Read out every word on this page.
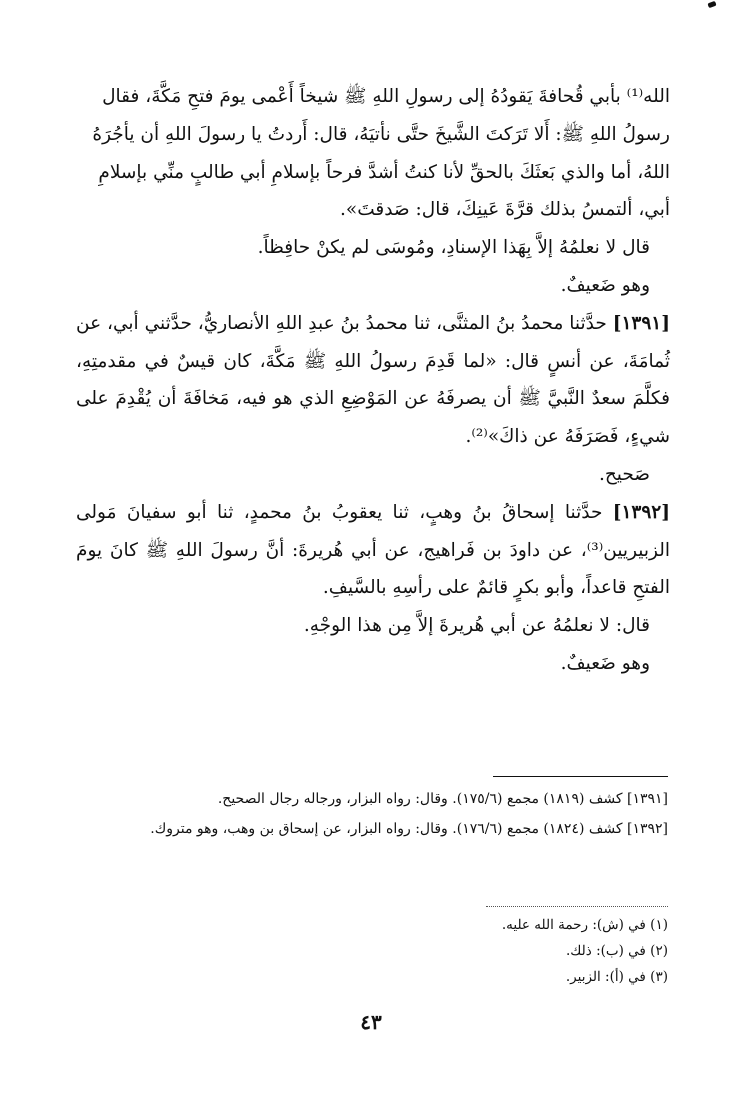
الله⁽¹⁾ بأبي قُحافةَ يَقودُهُ إلى رسولِ اللهِ ﷺ شيخاً أَعْمى يومَ فتحِ مَكَّةَ، فقال

رسولُ اللهِ ﷺ: أَلا تَرَكتَ الشَّيخَ حتَّى نأتيَهُ، قال: أَردتُ يا رسولَ اللهِ أن يأجُرَهُ

اللهُ، أما والذي بَعثَكَ بالحقِّ لأنا كنتُ أشدَّ فرحاً بإسلامِ أبي طالبٍ منِّي بإسلامِ

أبي، ألتمسُ بذلك قرَّةَ عَينِكَ، قال: صَدقتَ».

قال لا نعلمُهُ إلاَّ بِهَذا الإسنادِ، ومُوسَى لم يكنْ حافِظاً.

وهو ضَعيفٌ.

[١٣٩١] حدَّثنا محمدُ بنُ المثنَّى، ثنا محمدُ بنُ عبدِ اللهِ الأنصاريُّ، حدَّثني أبي، عن ثُمامَةَ، عن أنسٍ قال: «لما قَدِمَ رسولُ اللهِ ﷺ مَكَّةَ، كان قيسٌ في مقدمتِهِ، فكلَّمَ سعدٌ النَّبيَّ ﷺ أن يصرفَهُ عن المَوْضِعِ الذي هو فيه، مَخافَةَ أن يُقْدِمَ على شيءٍ، فَصَرَفَهُ عن ذاكَ»⁽²⁾.

صَحيح.

[١٣٩٢] حدَّثنا إسحاقُ بنُ وهبٍ، ثنا يعقوبُ بنُ محمدٍ، ثنا أبو سفيانَ مَولى الزبيريين⁽³⁾، عن داودَ بن فَراهيج، عن أبي هُريرةَ: أنَّ رسولَ اللهِ ﷺ كانَ يومَ الفتحِ قاعداً، وأبو بكرٍ قائمٌ على رأسِهِ بالسَّيفِ.

قال: لا نعلمُهُ عن أبي هُريرةَ إلاَّ مِن هذا الوجْهِ.

وهو ضَعيفٌ.

[١٣٩١] كشف (١٨١٩) مجمع (١٧٥/٦). وقال: رواه البزار، ورجاله رجال الصحيح.

[١٣٩٢] كشف (١٨٢٤) مجمع (١٧٦/٦). وقال: رواه البزار، عن إسحاق بن وهب، وهو متروك.

(١) في (ش): رحمة الله عليه.

(٢) في (ب): ذلك.

(٣) في (أ): الزبير.

٤٣
